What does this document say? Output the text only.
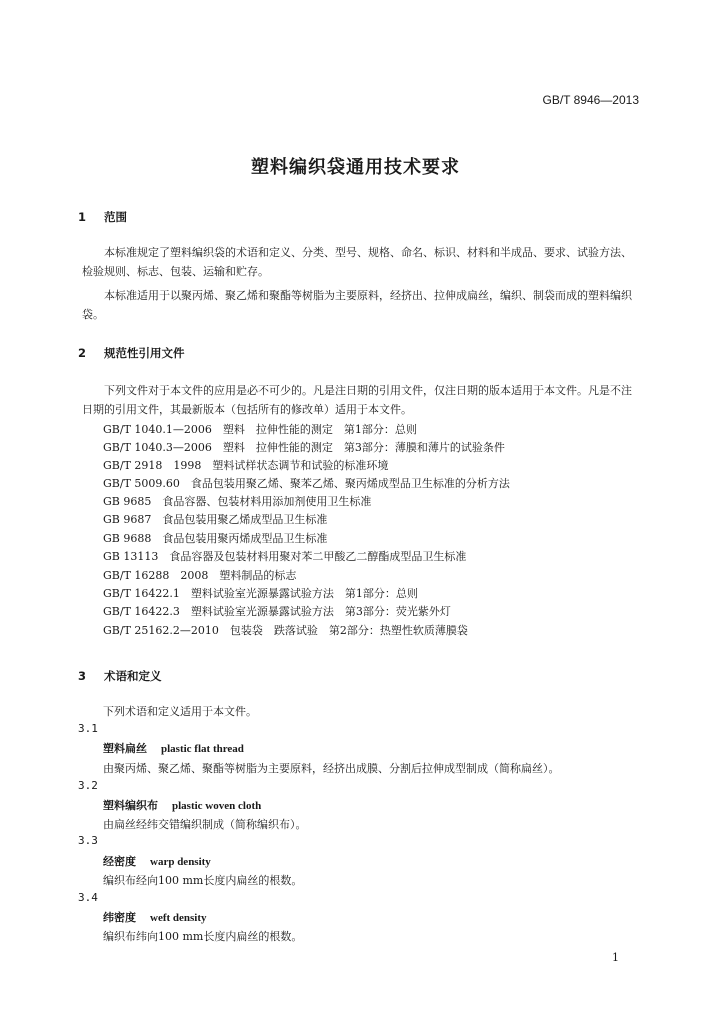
GB/T 8946—2013
塑料编织袋通用技术要求
1 范围
本标准规定了塑料编织袋的术语和定义、分类、型号、规格、命名、标识、材料和半成品、要求、试验方法、检验规则、标志、包装、运输和贮存。
本标准适用于以聚丙烯、聚乙烯和聚酯等树脂为主要原料，经挤出、拉伸成扁丝，编织、制袋而成的塑料编织袋。
2 规范性引用文件
下列文件对于本文件的应用是必不可少的。凡是注日期的引用文件，仅注日期的版本适用于本文件。凡是不注日期的引用文件，其最新版本（包括所有的修改单）适用于本文件。
GB/T 1040.1—2006　塑料　拉伸性能的测定　第1部分：总则
GB/T 1040.3—2006　塑料　拉伸性能的测定　第3部分：薄膜和薄片的试验条件
GB/T 2918　1998　塑料试样状态调节和试验的标准环境
GB/T 5009.60　食品包装用聚乙烯、聚苯乙烯、聚丙烯成型品卫生标准的分析方法
GB 9685　食品容器、包装材料用添加剂使用卫生标准
GB 9687　食品包装用聚乙烯成型品卫生标准
GB 9688　食品包装用聚丙烯成型品卫生标准
GB 13113　食品容器及包装材料用聚对苯二甲酸乙二醇酯成型品卫生标准
GB/T 16288　2008　塑料制品的标志
GB/T 16422.1　塑料试验室光源暴露试验方法　第1部分：总则
GB/T 16422.3　塑料试验室光源暴露试验方法　第3部分：荧光紫外灯
GB/T 25162.2—2010　包装袋　跌落试验　第2部分：热塑性软质薄膜袋
3 术语和定义
下列术语和定义适用于本文件。
3.1
塑料扁丝 plastic flat thread
由聚丙烯、聚乙烯、聚酯等树脂为主要原料，经挤出成膜、分割后拉伸成型制成（简称扁丝）。
3.2
塑料编织布 plastic woven cloth
由扁丝经纬交错编织制成（简称编织布）。
3.3
经密度 warp density
编织布经向100 mm长度内扁丝的根数。
3.4
纬密度 weft density
编织布纬向100 mm长度内扁丝的根数。
1
